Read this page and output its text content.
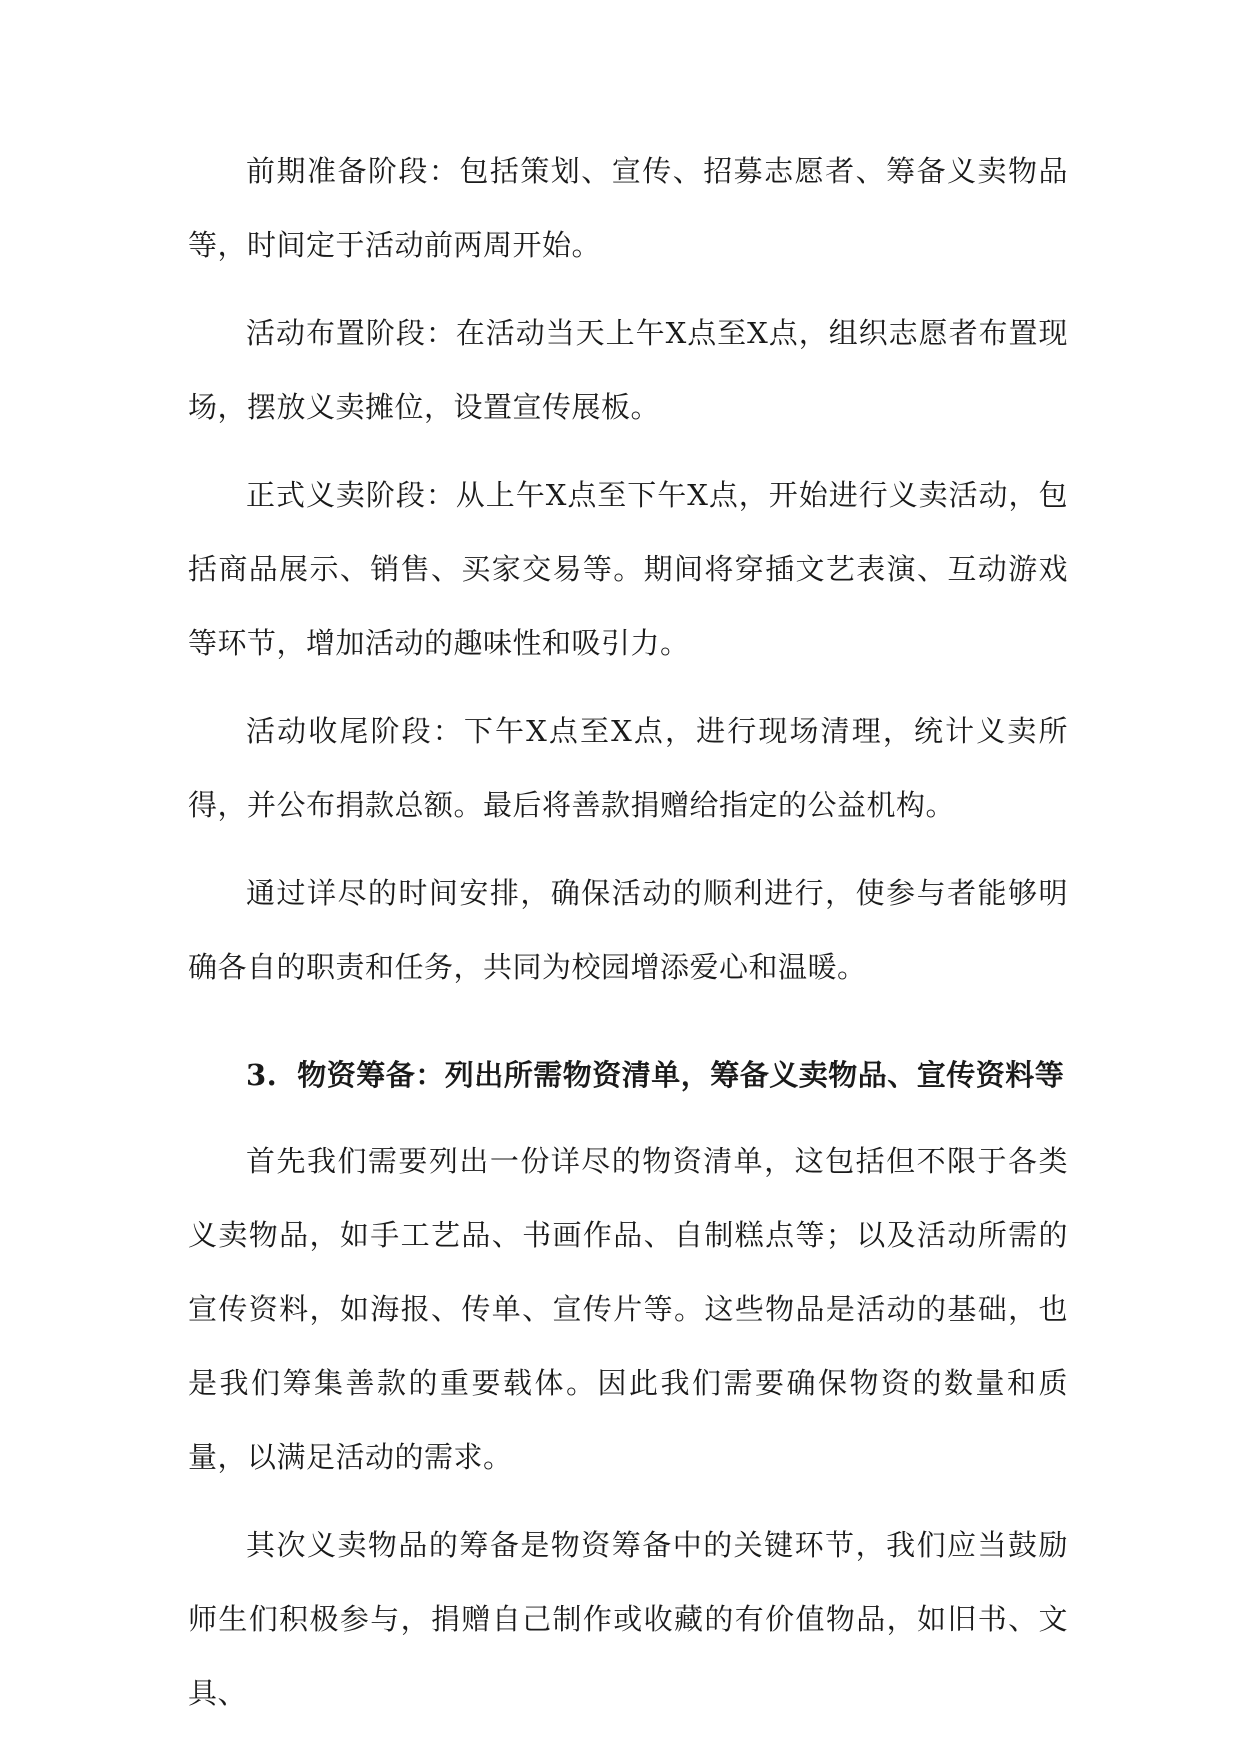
前期准备阶段：包括策划、宣传、招募志愿者、筹备义卖物品等，时间定于活动前两周开始。

活动布置阶段：在活动当天上午X点至X点，组织志愿者布置现场，摆放义卖摊位，设置宣传展板。

正式义卖阶段：从上午X点至下午X点，开始进行义卖活动，包括商品展示、销售、买家交易等。期间将穿插文艺表演、互动游戏等环节，增加活动的趣味性和吸引力。

活动收尾阶段：下午X点至X点，进行现场清理，统计义卖所得，并公布捐款总额。最后将善款捐赠给指定的公益机构。

通过详尽的时间安排，确保活动的顺利进行，使参与者能够明确各自的职责和任务，共同为校园增添爱心和温暖。

3. 物资筹备：列出所需物资清单，筹备义卖物品、宣传资料等

首先我们需要列出一份详尽的物资清单，这包括但不限于各类义卖物品，如手工艺品、书画作品、自制糕点等；以及活动所需的宣传资料，如海报、传单、宣传片等。这些物品是活动的基础，也是我们筹集善款的重要载体。因此我们需要确保物资的数量和质量，以满足活动的需求。

其次义卖物品的筹备是物资筹备中的关键环节，我们应当鼓励师生们积极参与，捐赠自己制作或收藏的有价值物品，如旧书、文具、
